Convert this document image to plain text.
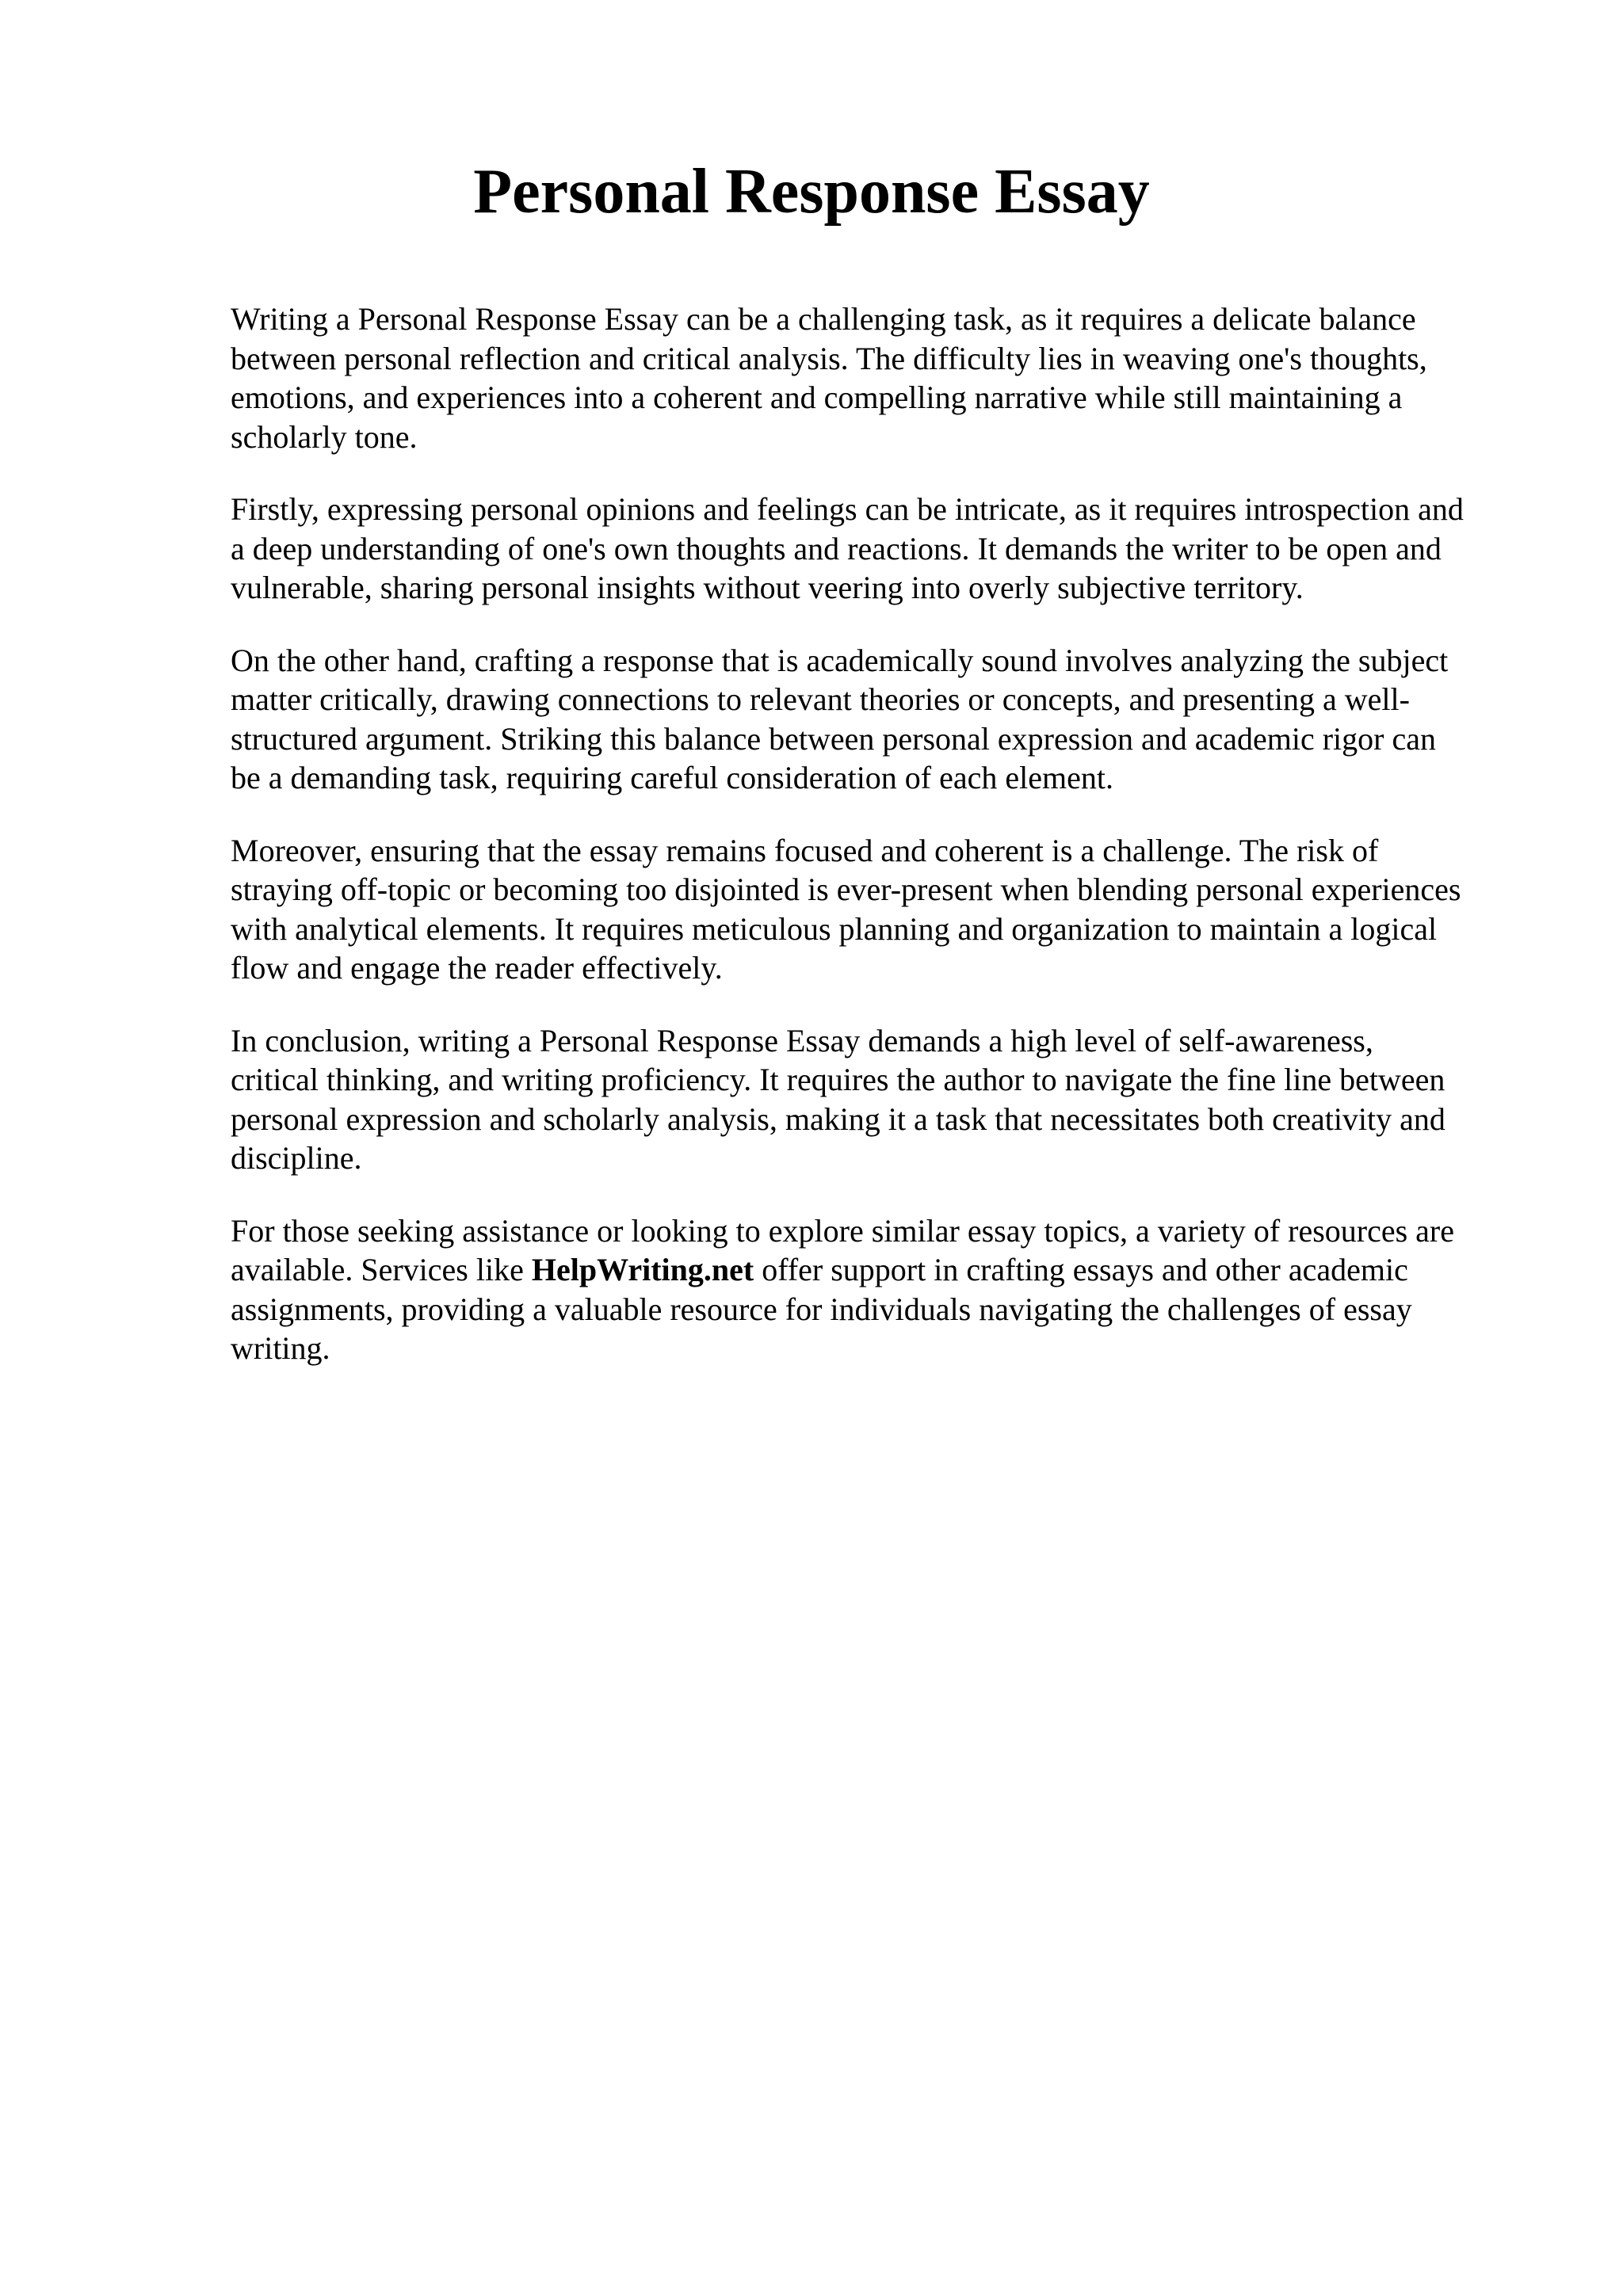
Personal Response Essay

Writing a Personal Response Essay can be a challenging task, as it requires a delicate balance
between personal reflection and critical analysis. The difficulty lies in weaving one's thoughts,
emotions, and experiences into a coherent and compelling narrative while still maintaining a
scholarly tone.

Firstly, expressing personal opinions and feelings can be intricate, as it requires introspection and
a deep understanding of one's own thoughts and reactions. It demands the writer to be open and
vulnerable, sharing personal insights without veering into overly subjective territory.

On the other hand, crafting a response that is academically sound involves analyzing the subject
matter critically, drawing connections to relevant theories or concepts, and presenting a well-
structured argument. Striking this balance between personal expression and academic rigor can
be a demanding task, requiring careful consideration of each element.

Moreover, ensuring that the essay remains focused and coherent is a challenge. The risk of
straying off-topic or becoming too disjointed is ever-present when blending personal experiences
with analytical elements. It requires meticulous planning and organization to maintain a logical
flow and engage the reader effectively.

In conclusion, writing a Personal Response Essay demands a high level of self-awareness,
critical thinking, and writing proficiency. It requires the author to navigate the fine line between
personal expression and scholarly analysis, making it a task that necessitates both creativity and
discipline.

For those seeking assistance or looking to explore similar essay topics, a variety of resources are
available. Services like HelpWriting.net offer support in crafting essays and other academic
assignments, providing a valuable resource for individuals navigating the challenges of essay
writing.
